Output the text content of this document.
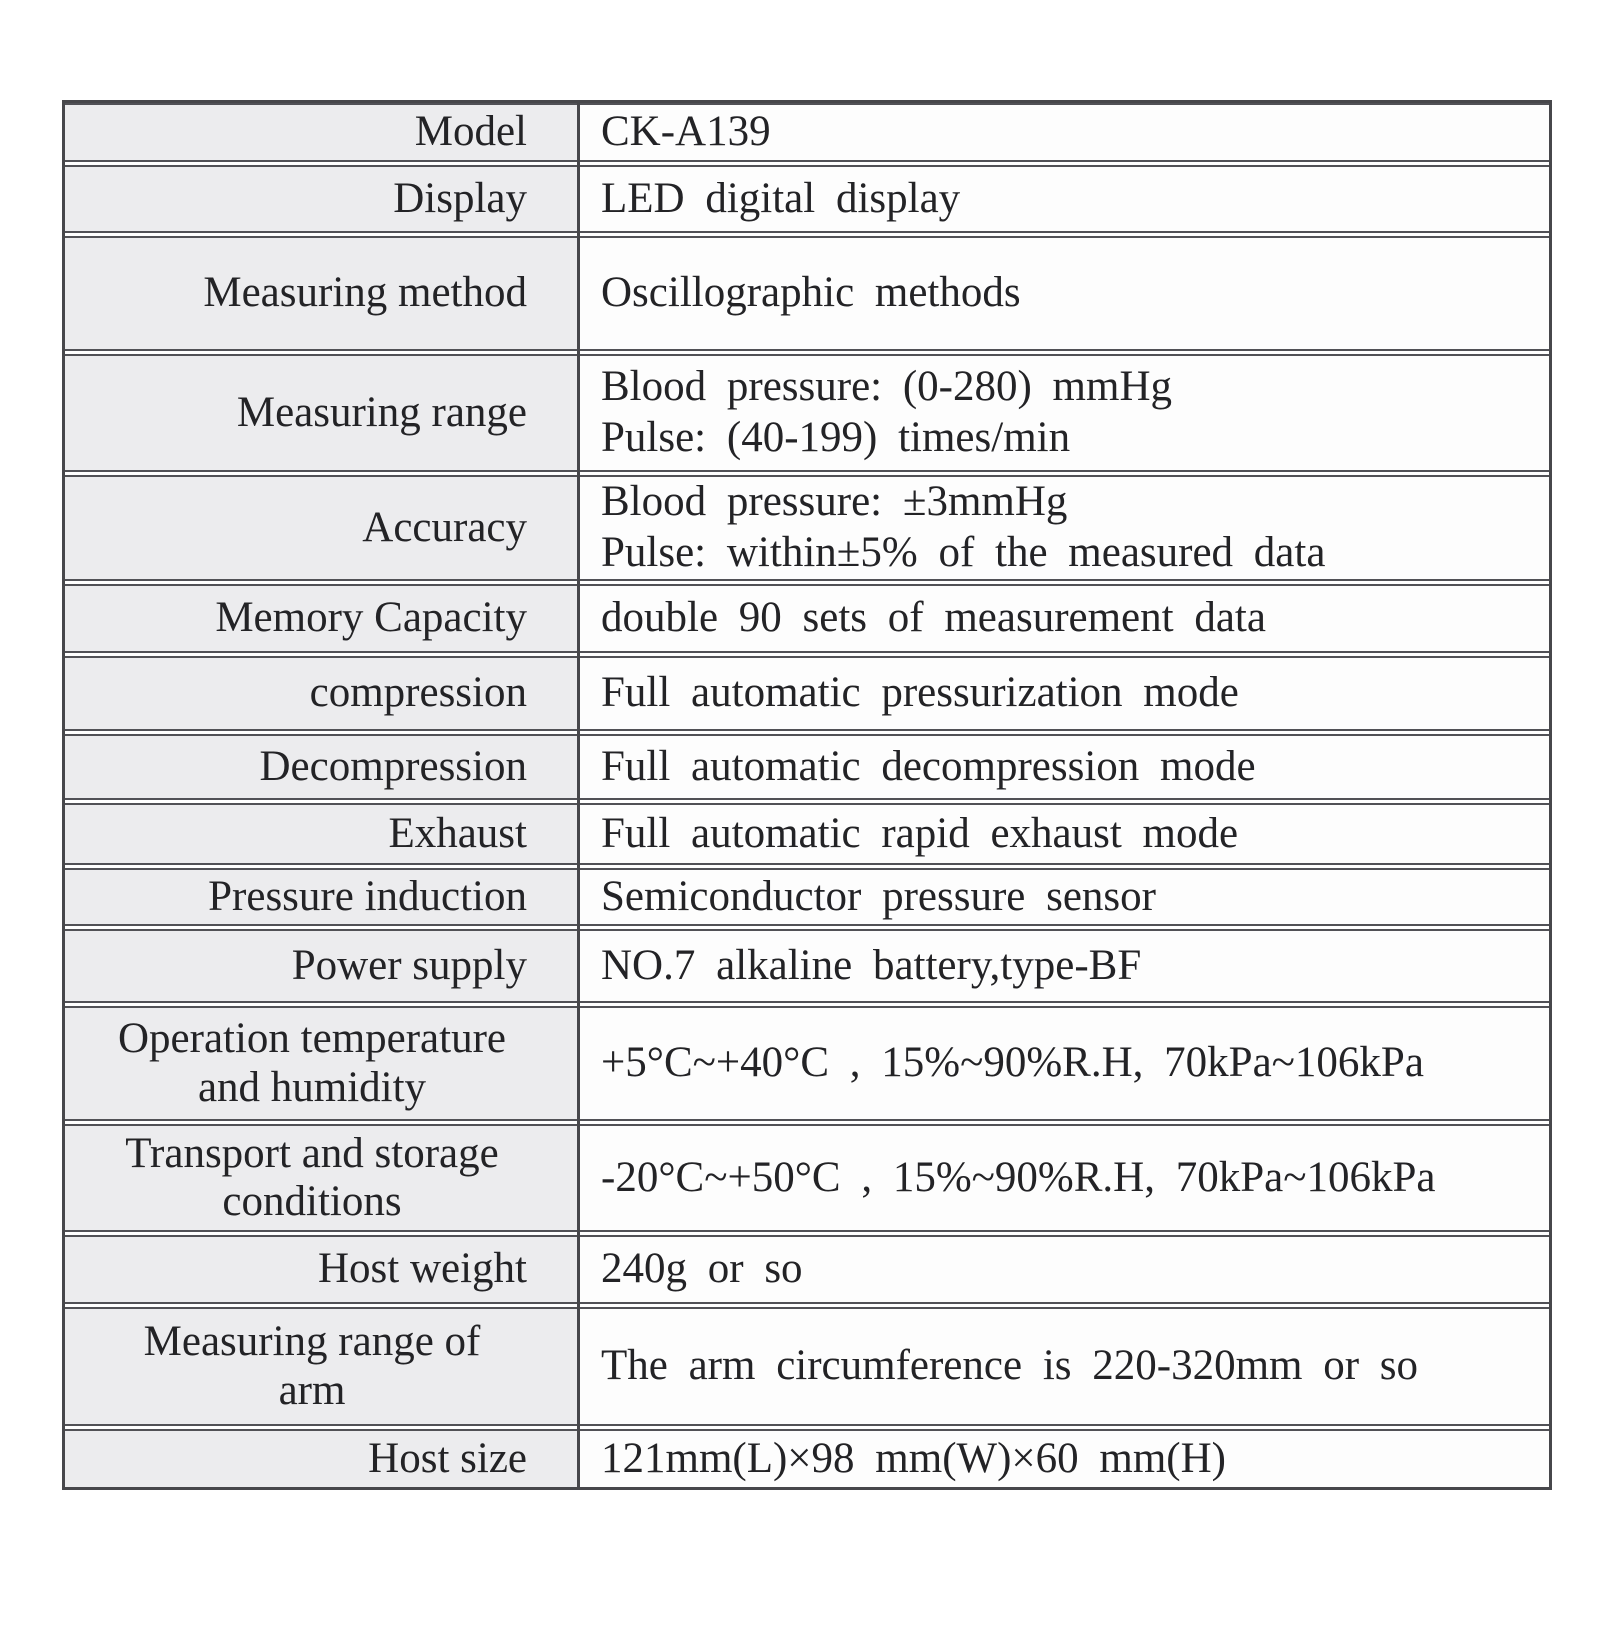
Model CK-A139
Display LED digital display
Measuring method Oscillographic methods
Measuring range
Blood pressure: (0-280) mmHg
Pulse: (40-199) times/min
Accuracy
Blood pressure: ±3mmHg
Pulse: within±5% of the measured data
Memory Capacity double 90 sets of measurement data
compression Full automatic pressurization mode
Decompression Full automatic decompression mode
Exhaust Full automatic rapid exhaust mode
Pressure induction Semiconductor pressure sensor
Power supply NO.7 alkaline battery,type-BF
Operation temperature
and humidity
+5°C~+40°C , 15%~90%R.H, 70kPa~106kPa
Transport and storage
conditions
-20°C~+50°C , 15%~90%R.H, 70kPa~106kPa
Host weight 240g or so
Measuring range of
arm
The arm circumference is 220-320mm or so
Host size 121mm(L)×98 mm(W)×60 mm(H)
